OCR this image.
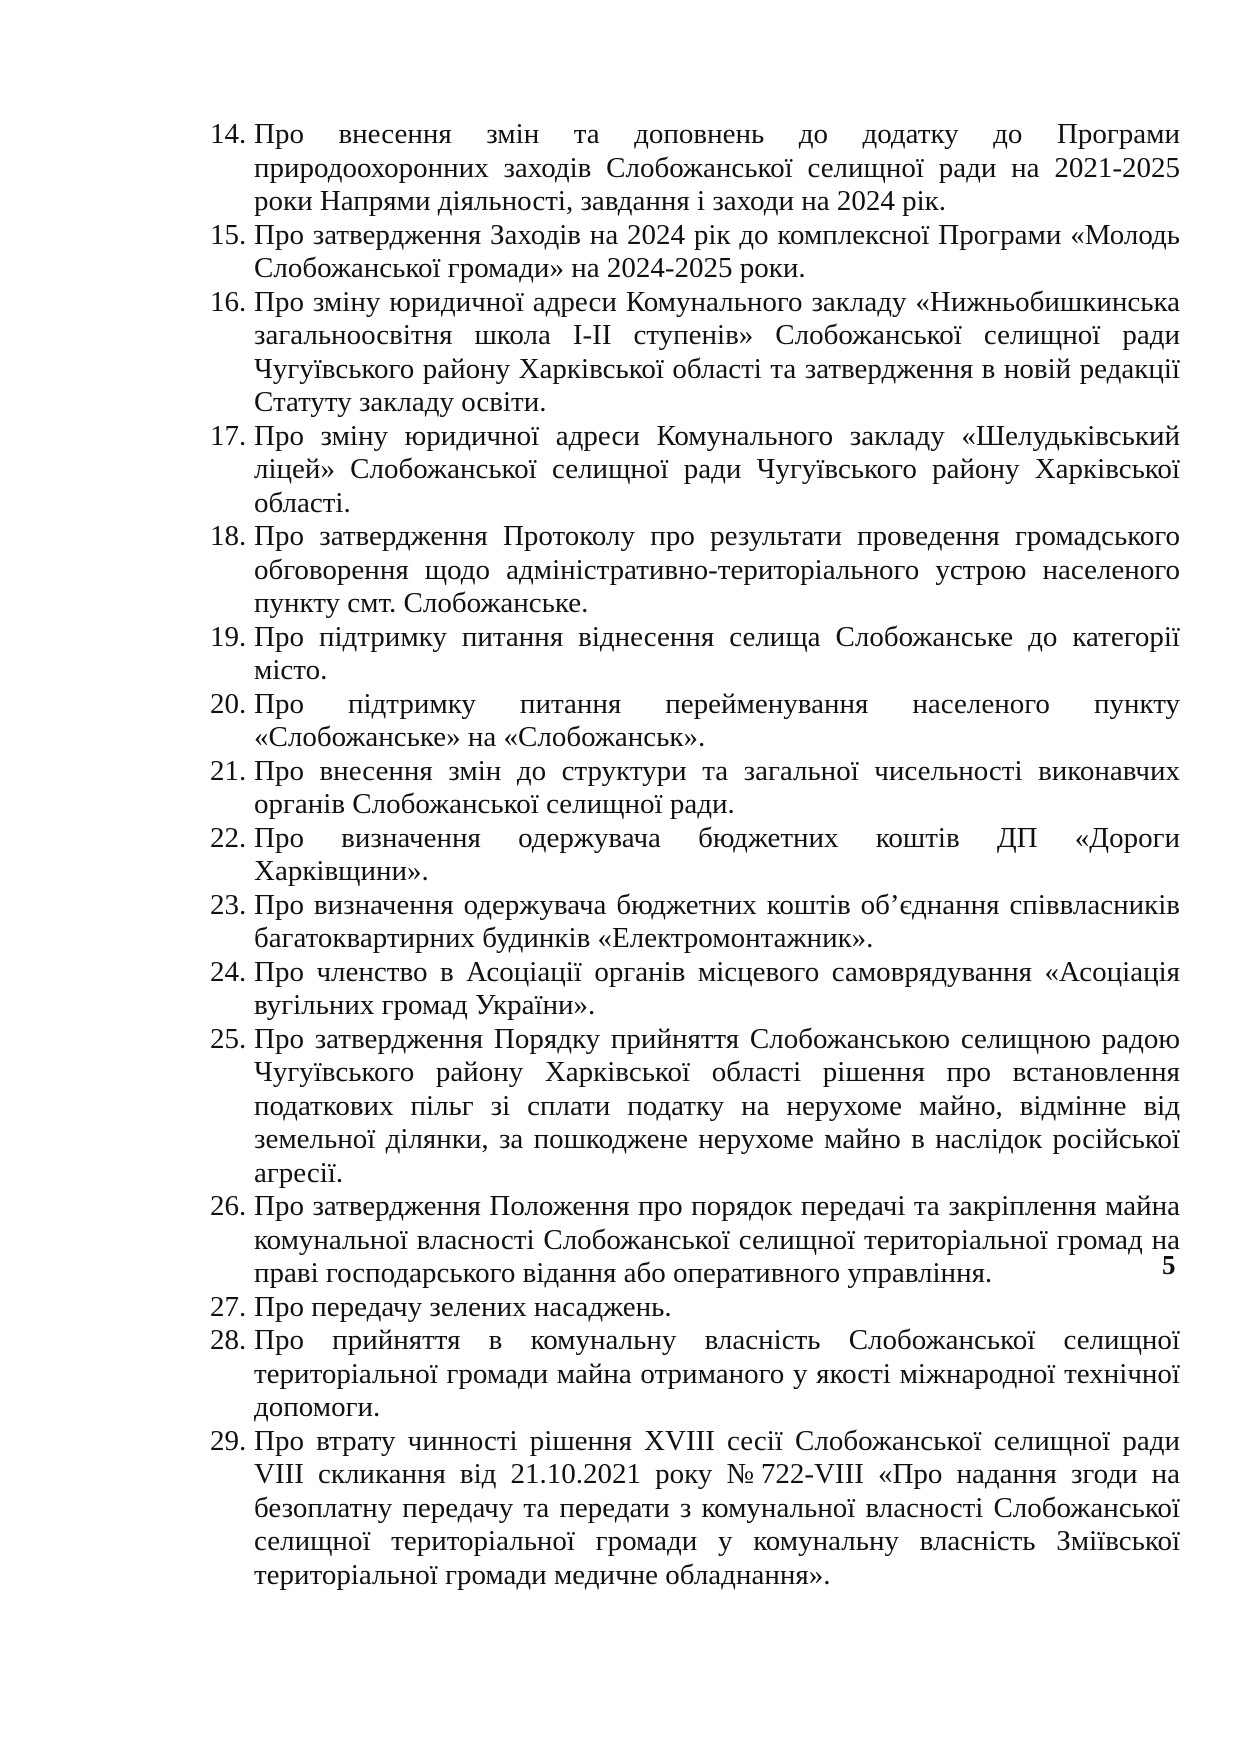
14. Про внесення змін та доповнень до додатку до Програми природоохоронних заходів Слобожанської селищної ради на 2021-2025 роки Напрями діяльності, завдання і заходи на 2024 рік.
15. Про затвердження Заходів на 2024 рік до комплексної Програми «Молодь Слобожанської громади» на 2024-2025 роки.
16. Про зміну юридичної адреси Комунального закладу «Нижньобишкинська загальноосвітня школа І-ІІ ступенів» Слобожанської селищної ради Чугуївського району Харківської області та затвердження в новій редакції Статуту закладу освіти.
17. Про зміну юридичної адреси Комунального закладу «Шелудьківський ліцей» Слобожанської селищної ради Чугуївського району Харківської області.
18. Про затвердження Протоколу про результати проведення громадського обговорення щодо адміністративно-територіального устрою населеного пункту смт. Слобожанське.
19. Про підтримку питання віднесення селища Слобожанське до категорії місто.
20. Про підтримку питання перейменування населеного пункту «Слобожанське» на «Слобожанськ».
21. Про внесення змін до структури та загальної чисельності виконавчих органів Слобожанської селищної ради.
22. Про визначення одержувача бюджетних коштів ДП «Дороги Харківщини».
23. Про визначення одержувача бюджетних коштів об’єднання співвласників багатоквартирних будинків «Електромонтажник».
24. Про членство в Асоціації органів місцевого самоврядування «Асоціація вугільних громад України».
25. Про затвердження Порядку прийняття Слобожанською селищною радою Чугуївського району Харківської області рішення про встановлення податкових пільг зі сплати податку на нерухоме майно, відмінне від земельної ділянки, за пошкоджене нерухоме майно в наслідок російської агресії.
26. Про затвердження Положення про порядок передачі та закріплення майна комунальної власності Слобожанської селищної територіальної громад на праві господарського відання або оперативного управління.
27. Про передачу зелених насаджень.
28. Про прийняття в комунальну власність Слобожанської селищної територіальної громади майна отриманого у якості міжнародної технічної допомоги.
29. Про втрату чинності рішення XVIII сесії Слобожанської селищної ради VIII скликання від 21.10.2021 року №722-VIII «Про надання згоди на безоплатну передачу та передати з комунальної власності Слобожанської селищної територіальної громади у комунальну власність Зміївської територіальної громади медичне обладнання».
5
